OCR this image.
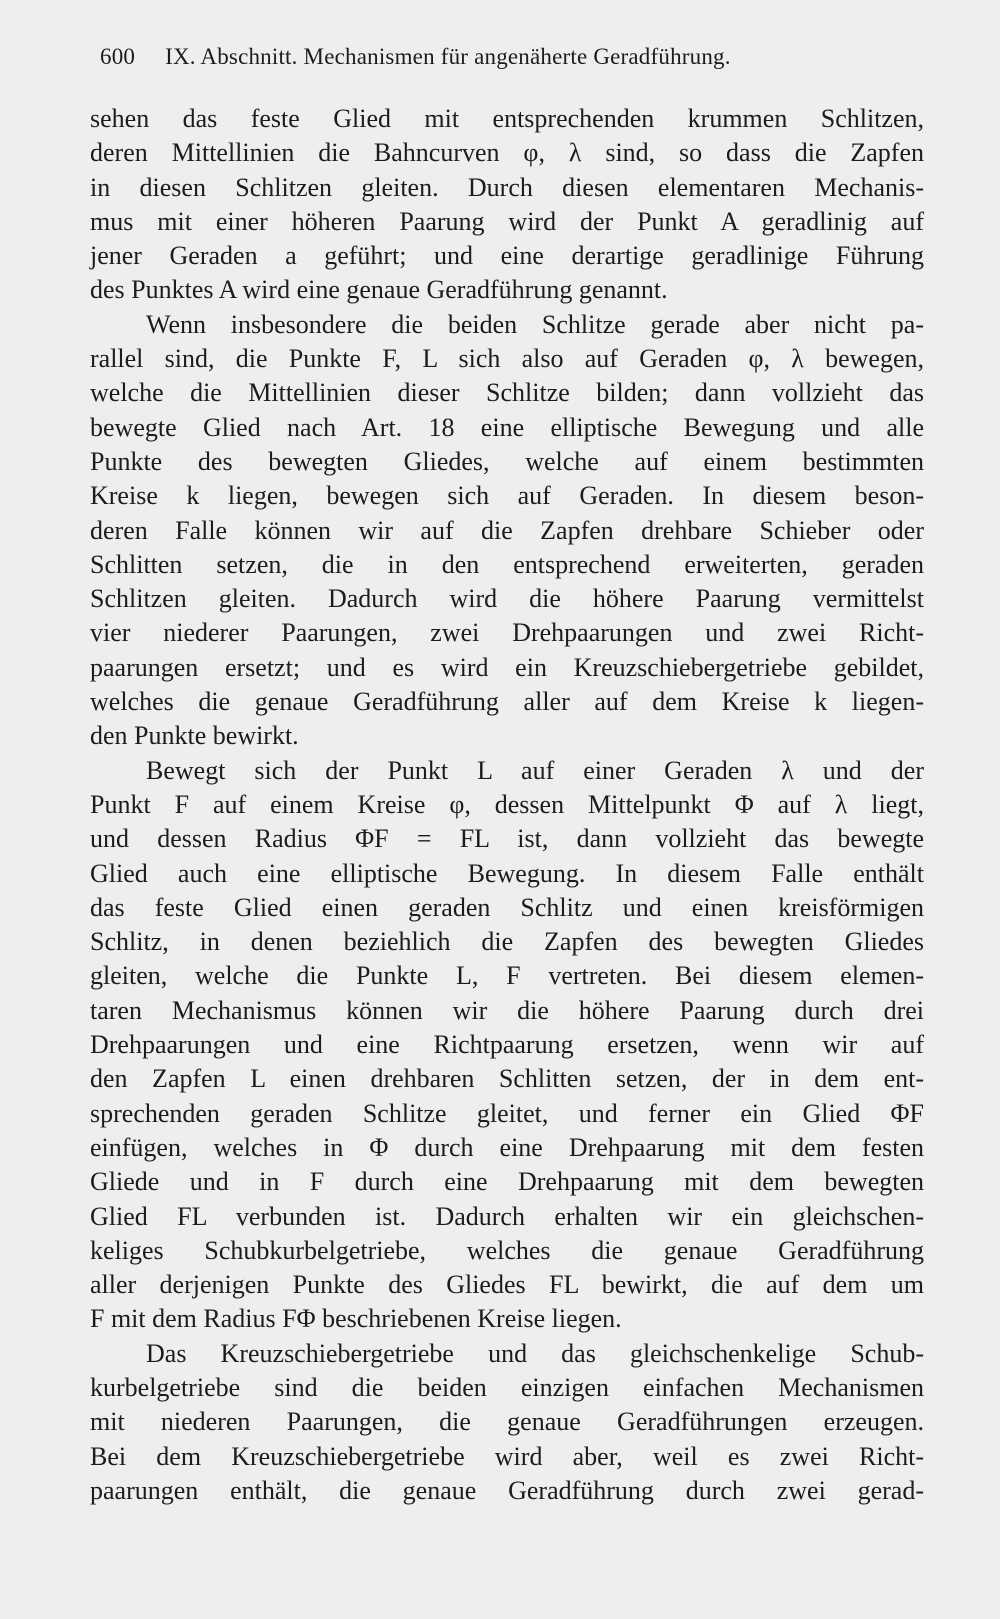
600 IX. Abschnitt. Mechanismen für angenäherte Geradführung.
sehen das feste Glied mit entsprechenden krummen Schlitzen,
deren Mittellinien die Bahncurven φ, λ sind, so dass die Zapfen
in diesen Schlitzen gleiten. Durch diesen elementaren Mechanis-
mus mit einer höheren Paarung wird der Punkt A geradlinig auf
jener Geraden a geführt; und eine derartige geradlinige Führung
des Punktes A wird eine genaue Geradführung genannt.
Wenn insbesondere die beiden Schlitze gerade aber nicht pa-
rallel sind, die Punkte F, L sich also auf Geraden φ, λ bewegen,
welche die Mittellinien dieser Schlitze bilden; dann vollzieht das
bewegte Glied nach Art. 18 eine elliptische Bewegung und alle
Punkte des bewegten Gliedes, welche auf einem bestimmten
Kreise k liegen, bewegen sich auf Geraden. In diesem beson-
deren Falle können wir auf die Zapfen drehbare Schieber oder
Schlitten setzen, die in den entsprechend erweiterten, geraden
Schlitzen gleiten. Dadurch wird die höhere Paarung vermittelst
vier niederer Paarungen, zwei Drehpaarungen und zwei Richt-
paarungen ersetzt; und es wird ein Kreuzschiebergetriebe gebildet,
welches die genaue Geradführung aller auf dem Kreise k liegen-
den Punkte bewirkt.
Bewegt sich der Punkt L auf einer Geraden λ und der
Punkt F auf einem Kreise φ, dessen Mittelpunkt Φ auf λ liegt,
und dessen Radius ΦF = FL ist, dann vollzieht das bewegte
Glied auch eine elliptische Bewegung. In diesem Falle enthält
das feste Glied einen geraden Schlitz und einen kreisförmigen
Schlitz, in denen beziehlich die Zapfen des bewegten Gliedes
gleiten, welche die Punkte L, F vertreten. Bei diesem elemen-
taren Mechanismus können wir die höhere Paarung durch drei
Drehpaarungen und eine Richtpaarung ersetzen, wenn wir auf
den Zapfen L einen drehbaren Schlitten setzen, der in dem ent-
sprechenden geraden Schlitze gleitet, und ferner ein Glied ΦF
einfügen, welches in Φ durch eine Drehpaarung mit dem festen
Gliede und in F durch eine Drehpaarung mit dem bewegten
Glied FL verbunden ist. Dadurch erhalten wir ein gleichschen-
keliges Schubkurbelgetriebe, welches die genaue Geradführung
aller derjenigen Punkte des Gliedes FL bewirkt, die auf dem um
F mit dem Radius FΦ beschriebenen Kreise liegen.
Das Kreuzschiebergetriebe und das gleichschenkelige Schub-
kurbelgetriebe sind die beiden einzigen einfachen Mechanismen
mit niederen Paarungen, die genaue Geradführungen erzeugen.
Bei dem Kreuzschiebergetriebe wird aber, weil es zwei Richt-
paarungen enthält, die genaue Geradführung durch zwei gerad-
